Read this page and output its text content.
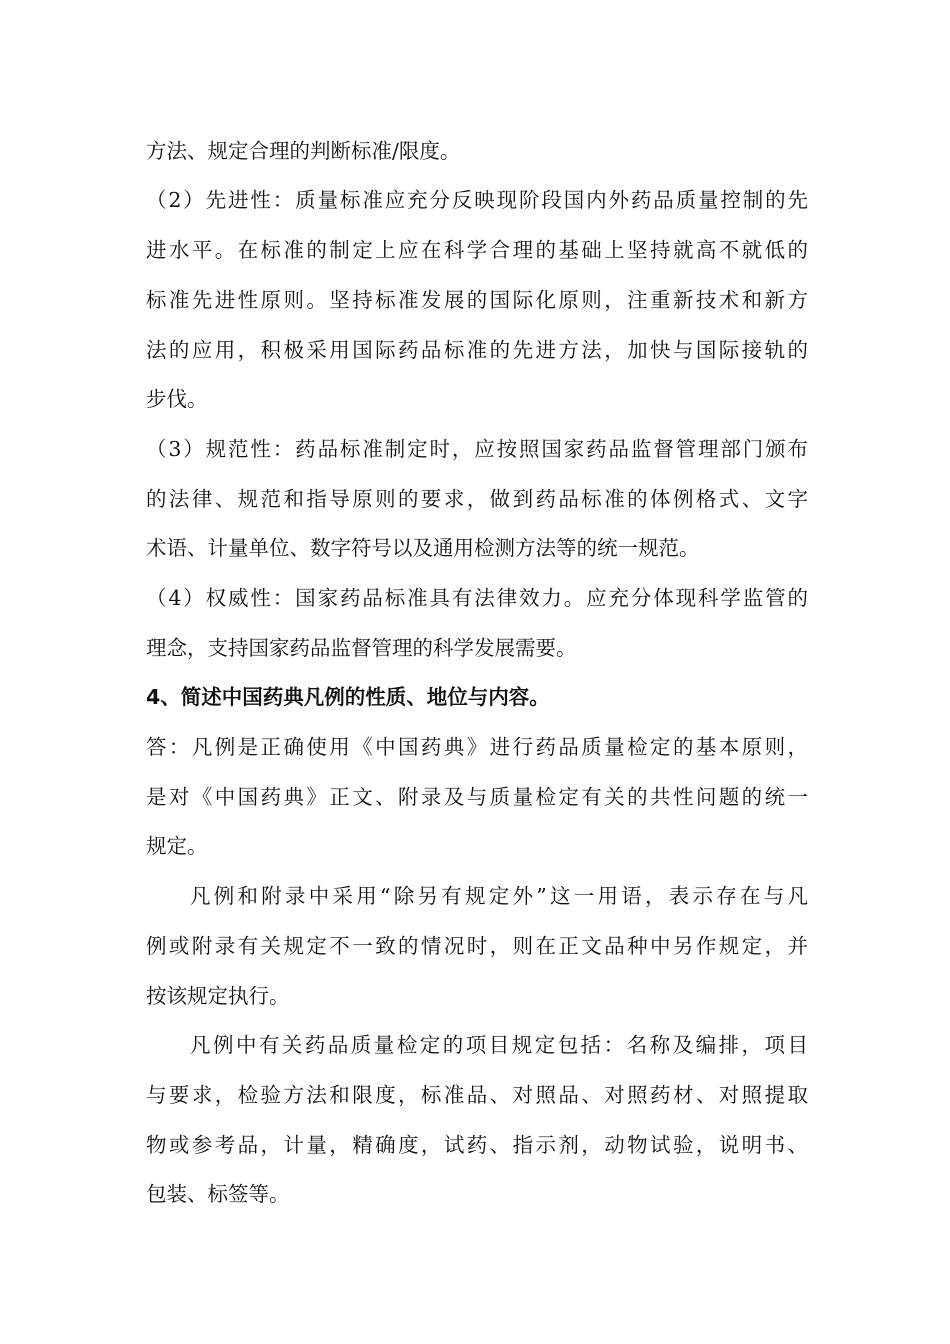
方法、规定合理的判断标准/限度。
（2）先进性：质量标准应充分反映现阶段国内外药品质量控制的先
进水平。在标准的制定上应在科学合理的基础上坚持就高不就低的
标准先进性原则。坚持标准发展的国际化原则，注重新技术和新方
法的应用，积极采用国际药品标准的先进方法，加快与国际接轨的
步伐。
（3）规范性：药品标准制定时，应按照国家药品监督管理部门颁布
的法律、规范和指导原则的要求，做到药品标准的体例格式、文字
术语、计量单位、数字符号以及通用检测方法等的统一规范。
（4）权威性：国家药品标准具有法律效力。应充分体现科学监管的
理念，支持国家药品监督管理的科学发展需要。
4、简述中国药典凡例的性质、地位与内容。
答：凡例是正确使用《中国药典》进行药品质量检定的基本原则，
是对《中国药典》正文、附录及与质量检定有关的共性问题的统一
规定。
凡例和附录中采用“除另有规定外”这一用语，表示存在与凡
例或附录有关规定不一致的情况时，则在正文品种中另作规定，并
按该规定执行。
凡例中有关药品质量检定的项目规定包括：名称及编排，项目
与要求，检验方法和限度，标准品、对照品、对照药材、对照提取
物或参考品，计量，精确度，试药、指示剂，动物试验，说明书、
包装、标签等。
